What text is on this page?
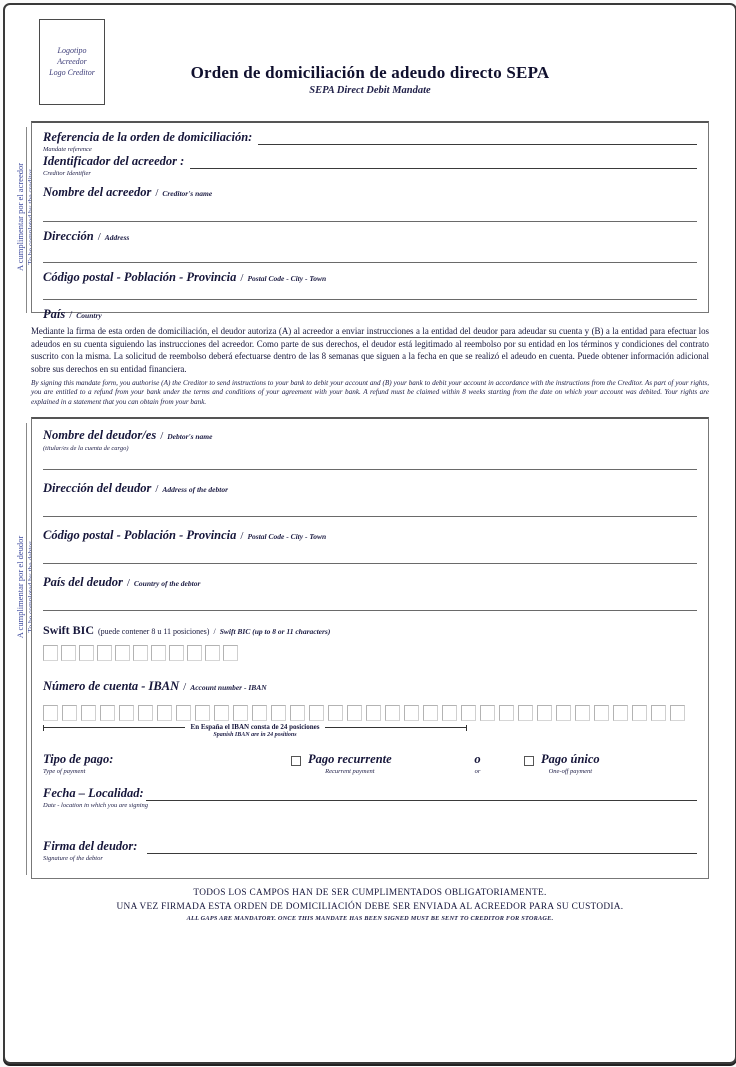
Logotipo
Acreedor
Logo Creditor	Orden de domiciliación de adeudo directo SEPA
SEPA Direct Debit Mandate
A cumplimentar por el acreedor
A cumplimentar por el deudor
Referencia de la orden de domiciliación:
Mandate reference
Identificador del acreedor :
Creditor Identifier
Nombre del acreedor / Creditor's name
Dirección / Address
Código postal - Población - Provincia / Postal Code - City - Town
País / Country
Mediante la firma de esta orden de domiciliación, el deudor autoriza (A) al acreedor a enviar instrucciones a la entidad del deudor para adeudar su cuenta y (B) a la entidad para efectuar los adeudos en su cuenta siguiendo las instrucciones del acreedor. Como parte de sus derechos, el deudor está legitimado al reembolso por su entidad en los términos y condiciones del contrato suscrito con la misma. La solicitud de reembolso deberá efectuarse dentro de las 8 semanas que siguen a la fecha en que se realizó el adeudo en cuenta. Puede obtener información adicional sobre sus derechos en su entidad financiera.
By signing this mandate form, you authorise (A) the Creditor to send instructions to your bank to debit your account and (B) your bank to debit your account in accordance with the instructions from the Creditor. As part of your rights, you are entitled to a refund from your bank under the terms and conditions of your agreement with your bank. A refund must be claimed within 8 weeks starting from the date on which your account was debited. Your rights are explained in a statement that you can obtain from your bank.
Nombre del deudor/es / Debtor's name
(titular/es de la cuenta de cargo)
Dirección del deudor / Address of the debtor
Código postal - Población - Provincia / Postal Code - City - Town
País del deudor / Country of the debtor
Swift BIC (puede contener 8 u 11 posiciones) / Swift BIC (up to 8 or 11 characters)
Número de cuenta - IBAN / Account number - IBAN
En España el IBAN consta de 24 posiciones
Spanish IBAN are in 24 positions
Tipo de pago:
Type of payment
Pago recurrente
Recurrent payment
o
or
Pago único
One-off payment
Fecha – Localidad:
Date - location in which you are signing
Firma del deudor:
Signature of the debtor
TODOS LOS CAMPOS HAN DE SER CUMPLIMENTADOS OBLIGATORIAMENTE.
UNA VEZ FIRMADA ESTA ORDEN DE DOMICILIACIÓN DEBE SER ENVIADA AL ACREEDOR PARA SU CUSTODIA.
ALL GAPS ARE MANDATORY. ONCE THIS MANDATE HAS BEEN SIGNED MUST BE SENT TO CREDITOR FOR STORAGE.
